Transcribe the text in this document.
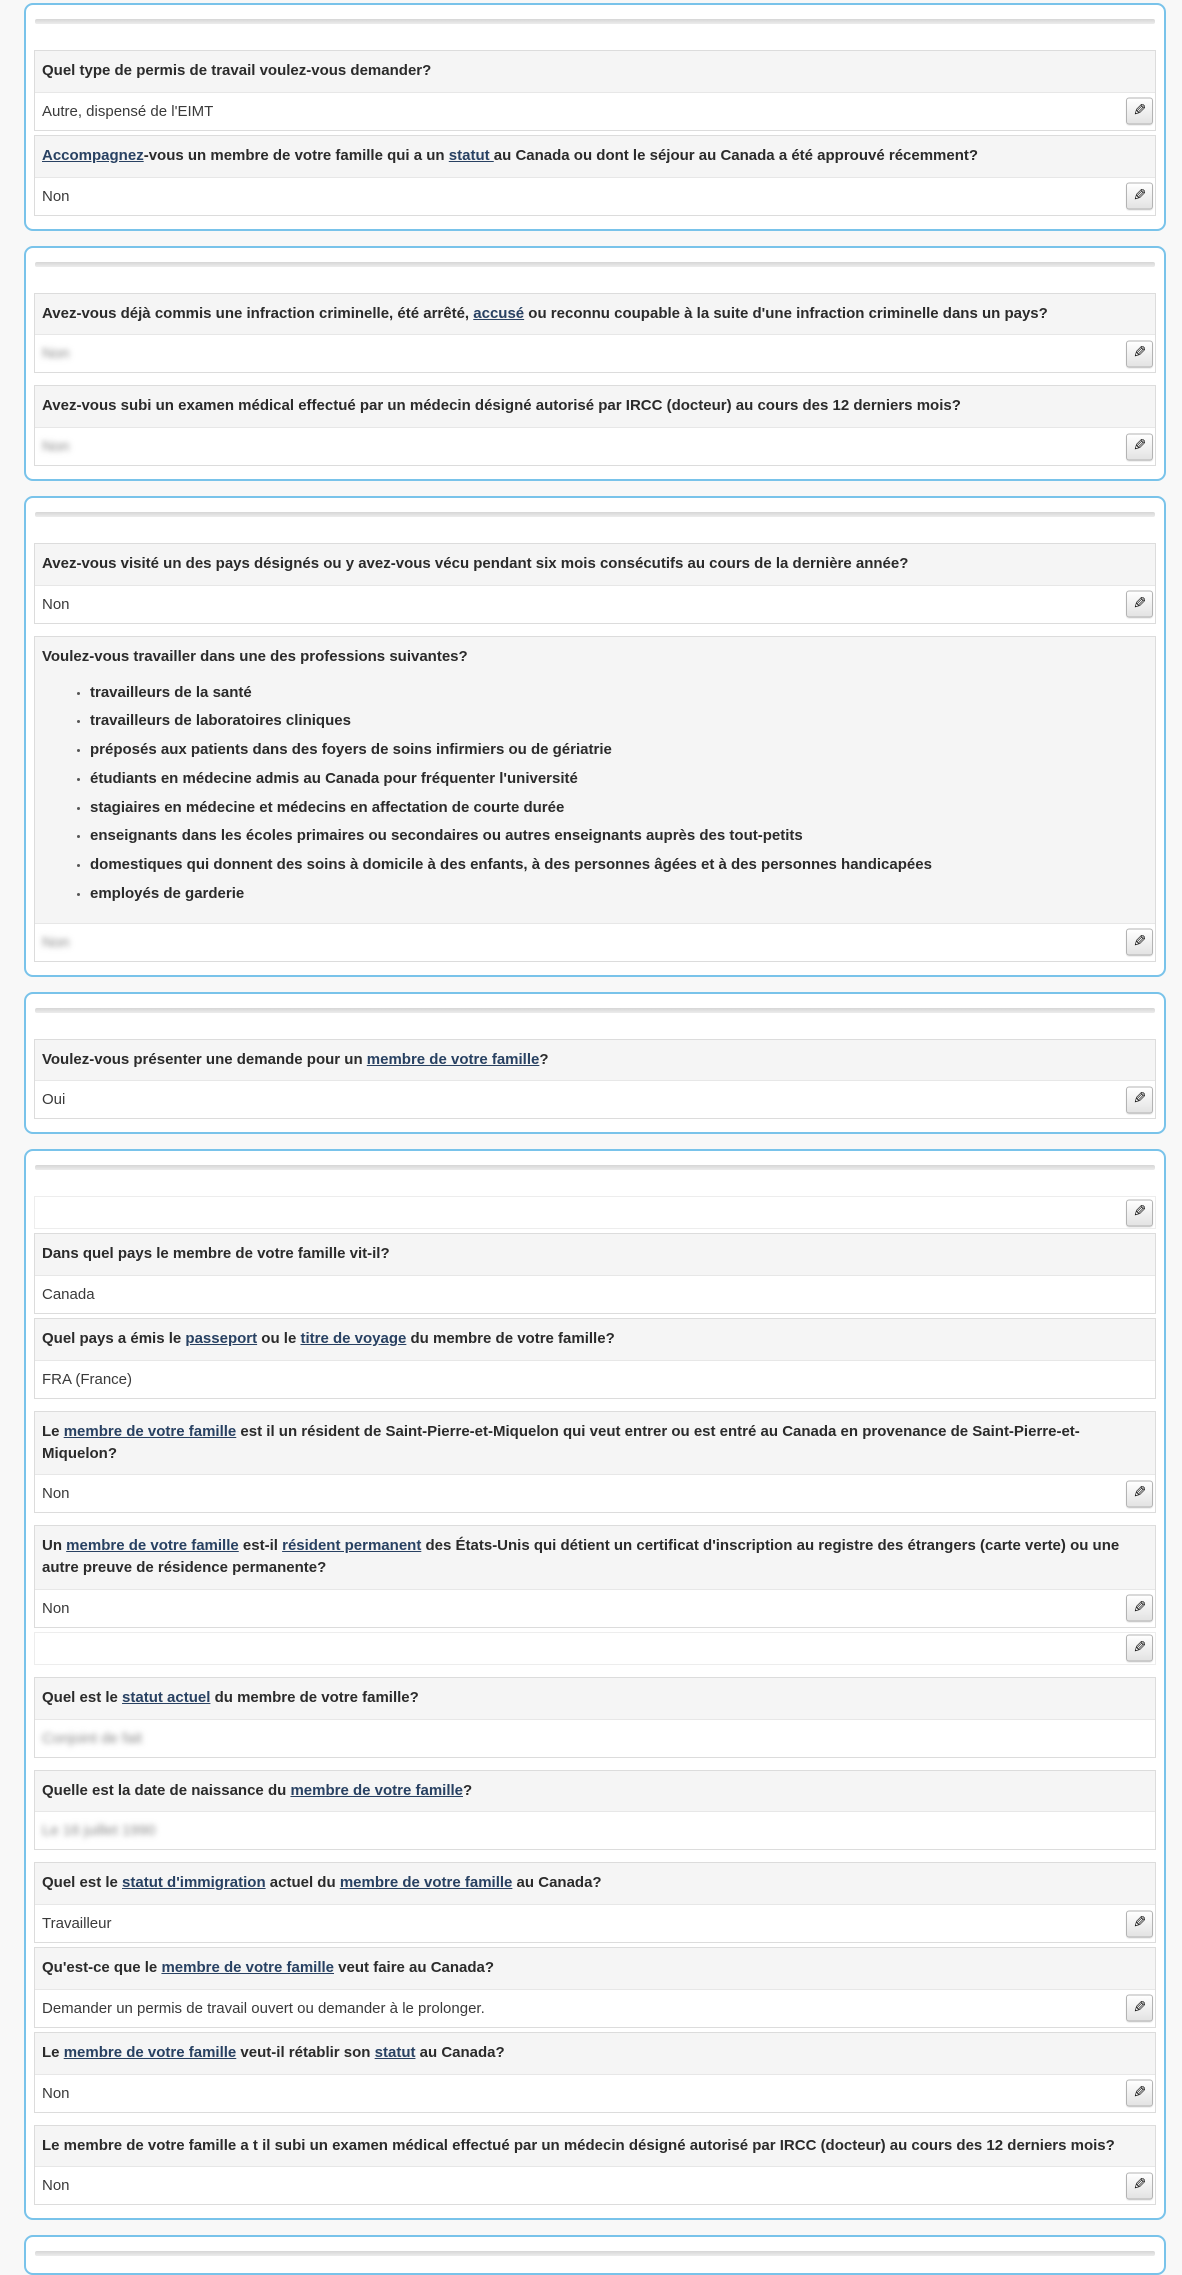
Quel type de permis de travail voulez-vous demander?
Autre, dispensé de l'EIMT	✎
Accompagnez-vous un membre de votre famille qui a un statut au Canada ou dont le séjour au Canada a été approuvé récemment?
Non	✎
Avez-vous déjà commis une infraction criminelle, été arrêté, accusé ou reconnu coupable à la suite d'une infraction criminelle dans un pays?
Non	✎
Avez-vous subi un examen médical effectué par un médecin désigné autorisé par IRCC (docteur) au cours des 12 derniers mois?
Non	✎
Avez-vous visité un des pays désignés ou y avez-vous vécu pendant six mois consécutifs au cours de la dernière année?
Non	✎
Voulez-vous travailler dans une des professions suivantes?
• travailleurs de la santé
• travailleurs de laboratoires cliniques
• préposés aux patients dans des foyers de soins infirmiers ou de gériatrie
• étudiants en médecine admis au Canada pour fréquenter l'université
• stagiaires en médecine et médecins en affectation de courte durée
• enseignants dans les écoles primaires ou secondaires ou autres enseignants auprès des tout-petits
• domestiques qui donnent des soins à domicile à des enfants, à des personnes âgées et à des personnes handicapées
• employés de garderie
Non	✎
Voulez-vous présenter une demande pour un membre de votre famille?
Oui	✎
✎
Dans quel pays le membre de votre famille vit-il?
Canada
Quel pays a émis le passeport ou le titre de voyage du membre de votre famille?
FRA (France)
Le membre de votre famille est il un résident de Saint-Pierre-et-Miquelon qui veut entrer ou est entré au Canada en provenance de Saint-Pierre-et-Miquelon?
Non	✎
Un membre de votre famille est-il résident permanent des États-Unis qui détient un certificat d'inscription au registre des étrangers (carte verte) ou une autre preuve de résidence permanente?
Non	✎
✎
Quel est le statut actuel du membre de votre famille?
Conjoint de fait
Quelle est la date de naissance du membre de votre famille?
Le 16 juillet 1990
Quel est le statut d'immigration actuel du membre de votre famille au Canada?
Travailleur	✎
Qu'est-ce que le membre de votre famille veut faire au Canada?
Demander un permis de travail ouvert ou demander à le prolonger.	✎
Le membre de votre famille veut-il rétablir son statut au Canada?
Non	✎
Le membre de votre famille a t il subi un examen médical effectué par un médecin désigné autorisé par IRCC (docteur) au cours des 12 derniers mois?
Non	✎
